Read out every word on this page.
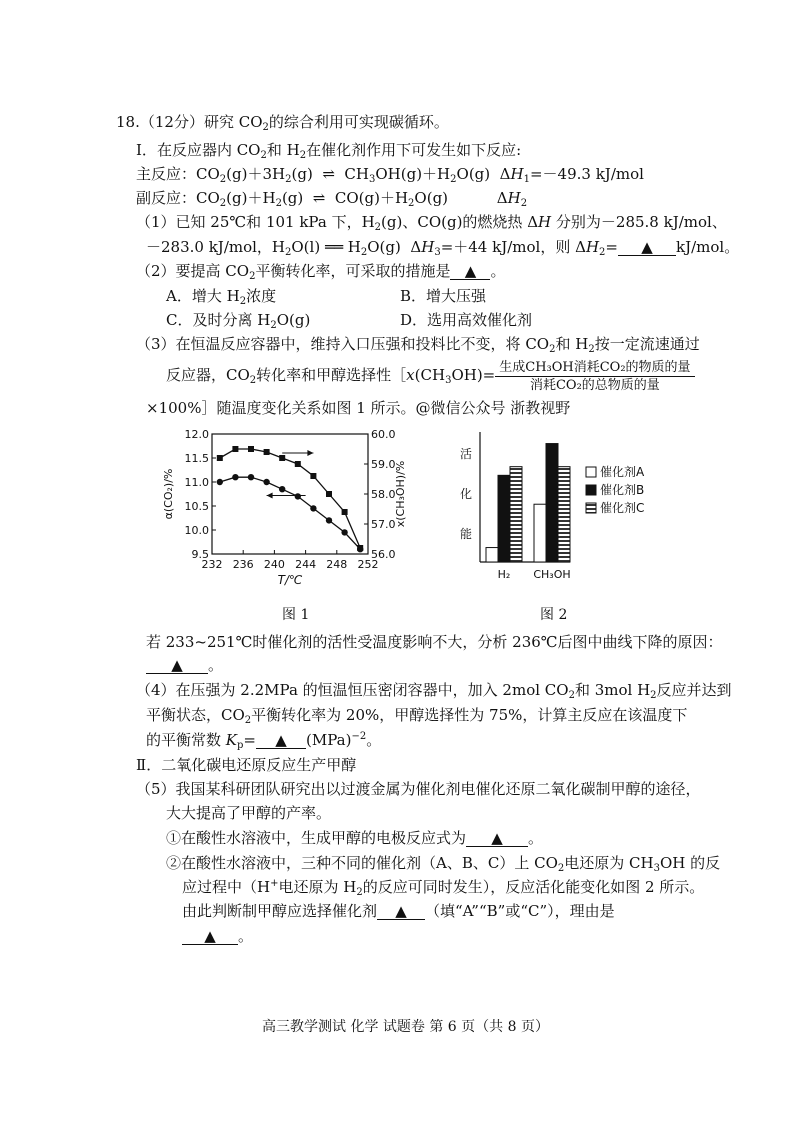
18.（12分）研究 $CO_2$的综合利用可实现碳循环。
Ⅰ．在反应器内 $CO_2$和 $H_2$在催化剂作用下可发生如下反应:
主反应：$CO_2(g)+3H_2(g)$  ⇌  $CH_3OH(g)+H_2O(g)$  $\Delta H_1=-49.3$ kJ/mol
副反应：$CO_2(g)+H_2(g)$  ⇌  $CO(g)+H_2O(g)$	$\Delta H_2$
（1）已知 25℃和 101 kPa 下，$H_2(g)$、CO(g)的燃烧热 ΔH 分别为－285.8 kJ/mol、
－283.0 kJ/mol，$H_2O(l)$ ══ $H_2O(g)$  $\Delta H_3=+44$ kJ/mol，则 $\Delta H_2=$ ▲ kJ/mol。
（2）要提高 $CO_2$平衡转化率，可采取的措施是 ▲ 。
A．增大 $H_2$浓度	B．增大压强
C．及时分离 $H_2O(g)$	D．选用高效催化剂
（3）在恒温反应容器中，维持入口压强和投料比不变，将 $CO_2$和 $H_2$按一定流速通过
反应器，$CO_2$转化率和甲醇选择性$[x(CH_3OH)= \frac{\text{生成CH₃OH消耗CO₂的物质的量}}{\text{消耗CO₂的总物质的量}}$
×100%］随温度变化关系如图 1 所示。@微信公众号 浙教视野
232 236 240 244 248 252
9.5
10.0
10.5
11.0
11.5
12.0
56.0
57.0
58.0
59.0
60.0
T/℃
α(CO₂)/%	x(CH₃OH)/%
活
化
能
H₂ CH₃OH
催化剂A
催化剂B
催化剂C
图 1	图 2
若 233~251℃时催化剂的活性受温度影响不大，分析 236℃后图中曲线下降的原因：
▲ 。
（4）在压强为 2.2MPa 的恒温恒压密闭容器中，加入 2mol $CO_2$和 3mol $H_2$反应并达到
平衡状态，$CO_2$平衡转化率为 20%，甲醇选择性为 75%，计算主反应在该温度下
的平衡常数 $K_p=$ ▲ (MPa)$^{-2}$。
Ⅱ．二氧化碳电还原反应生产甲醇
（5）我国某科研团队研究出以过渡金属为催化剂电催化还原二氧化碳制甲醇的途径，
大大提高了甲醇的产率。
①在酸性水溶液中，生成甲醇的电极反应式为 ▲ 。
②在酸性水溶液中，三种不同的催化剂（A、B、C）上 $CO_2$电还原为 $CH_3OH$ 的反
应过程中（H+电还原为 $H_2$的反应可同时发生），反应活化能变化如图 2 所示。
由此判断制甲醇应选择催化剂 ▲ （填“A”“B”或“C”），理由是
▲ 。
高三教学测试 化学 试题卷 第 6 页（共 8 页）
